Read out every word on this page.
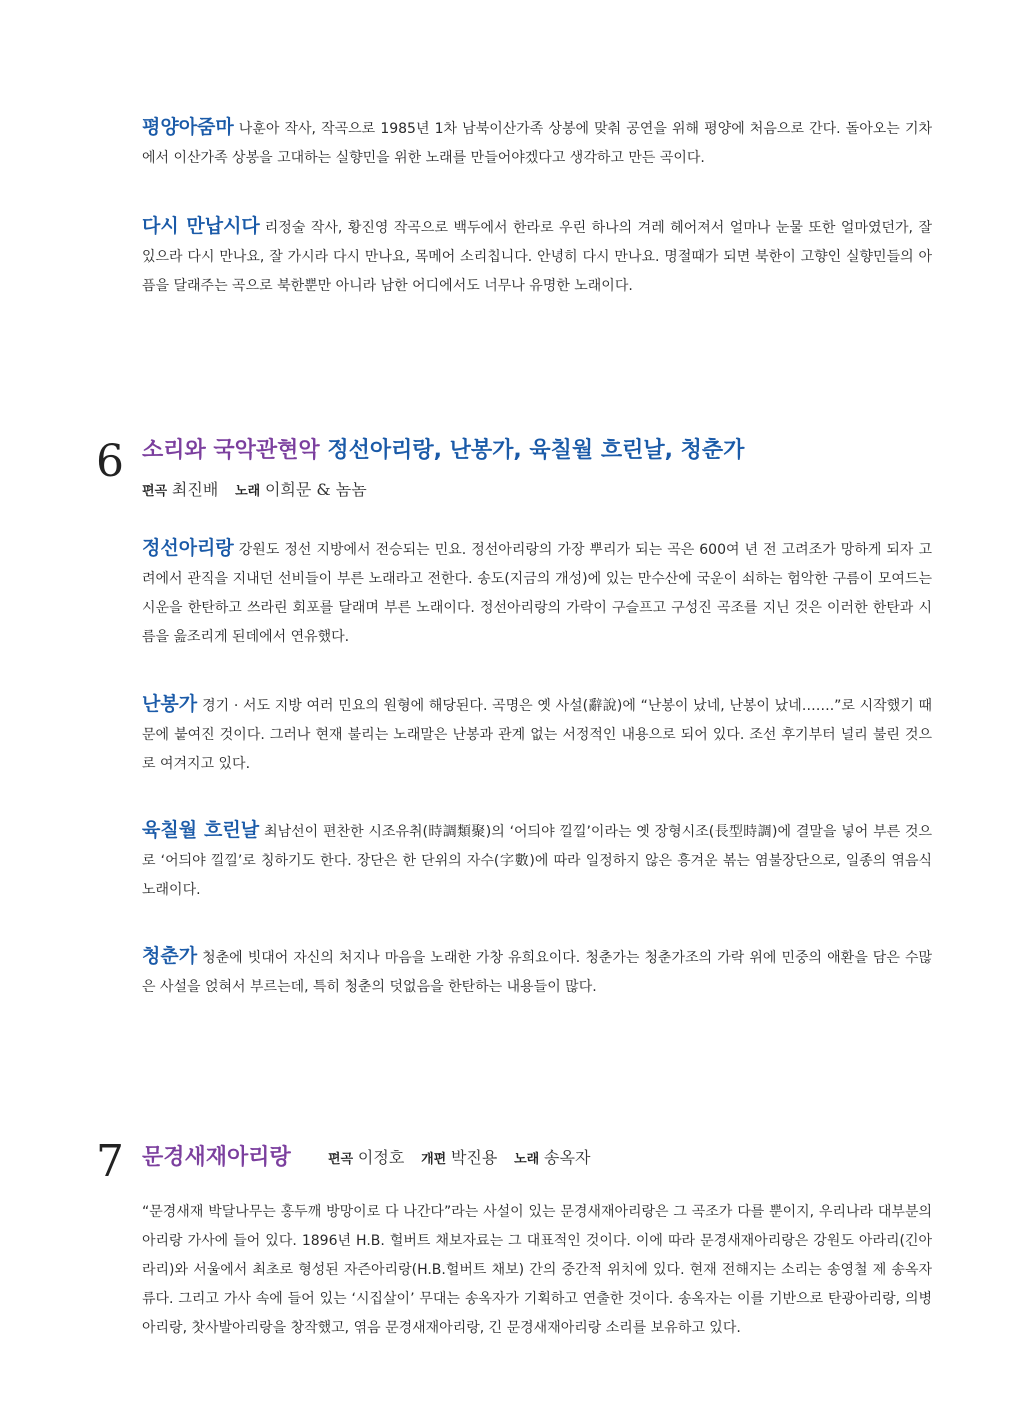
평양아줌마 나훈아 작사, 작곡으로 1985년 1차 남북이산가족 상봉에 맞춰 공연을 위해 평양에 처음으로 간다. 돌아오는 기차에서 이산가족 상봉을 고대하는 실향민을 위한 노래를 만들어야겠다고 생각하고 만든 곡이다.

다시 만납시다 리정술 작사, 황진영 작곡으로 백두에서 한라로 우린 하나의 겨레 헤어져서 얼마나 눈물 또한 얼마였던가, 잘 있으라 다시 만나요, 잘 가시라 다시 만나요, 목메어 소리칩니다. 안녕히 다시 만나요. 명절때가 되면 북한이 고향인 실향민들의 아픔을 달래주는 곡으로 북한뿐만 아니라 남한 어디에서도 너무나 유명한 노래이다.

6 소리와 국악관현악 정선아리랑, 난봉가, 육칠월 흐린날, 청춘가
편곡 최진배 노래 이희문 & 놈놈

정선아리랑 강원도 정선 지방에서 전승되는 민요. 정선아리랑의 가장 뿌리가 되는 곡은 600여 년 전 고려조가 망하게 되자 고려에서 관직을 지내던 선비들이 부른 노래라고 전한다. 송도(지금의 개성)에 있는 만수산에 국운이 쇠하는 험악한 구름이 모여드는 시운을 한탄하고 쓰라린 회포를 달래며 부른 노래이다. 정선아리랑의 가락이 구슬프고 구성진 곡조를 지닌 것은 이러한 한탄과 시름을 읊조리게 된데에서 연유했다.

난봉가 경기 · 서도 지방 여러 민요의 원형에 해당된다. 곡명은 옛 사설(辭說)에 “난봉이 났네, 난봉이 났네…….”로 시작했기 때문에 붙여진 것이다. 그러나 현재 불리는 노래말은 난봉과 관계 없는 서정적인 내용으로 되어 있다. 조선 후기부터 널리 불린 것으로 여겨지고 있다.

육칠월 흐린날 최남선이 편찬한 시조유취(時調類聚)의 ‘어듸야 낄낄’이라는 옛 장형시조(長型時調)에 결말을 넣어 부른 것으로 ‘어듸야 낄낄’로 칭하기도 한다. 장단은 한 단위의 자수(字數)에 따라 일정하지 않은 흥겨운 볶는 염불장단으로, 일종의 엮음식 노래이다.

청춘가 청춘에 빗대어 자신의 처지나 마음을 노래한 가창 유희요이다. 청춘가는 청춘가조의 가락 위에 민중의 애환을 담은 수많은 사설을 얹혀서 부르는데, 특히 청춘의 덧없음을 한탄하는 내용들이 많다.

7 문경새재아리랑	편곡 이정호 개편 박진용 노래 송옥자

“문경새재 박달나무는 홍두깨 방망이로 다 나간다”라는 사설이 있는 문경새재아리랑은 그 곡조가 다를 뿐이지, 우리나라 대부분의 아리랑 가사에 들어 있다. 1896년 H.B. 헐버트 채보자료는 그 대표적인 것이다. 이에 따라 문경새재아리랑은 강원도 아라리(긴아라리)와 서울에서 최초로 형성된 자즌아리랑(H.B.헐버트 채보) 간의 중간적 위치에 있다. 현재 전해지는 소리는 송영철 제 송옥자 류다. 그리고 가사 속에 들어 있는 ‘시집살이’ 무대는 송옥자가 기획하고 연출한 것이다. 송옥자는 이를 기반으로 탄광아리랑, 의병아리랑, 찻사발아리랑을 창작했고, 엮음 문경새재아리랑, 긴 문경새재아리랑 소리를 보유하고 있다.
